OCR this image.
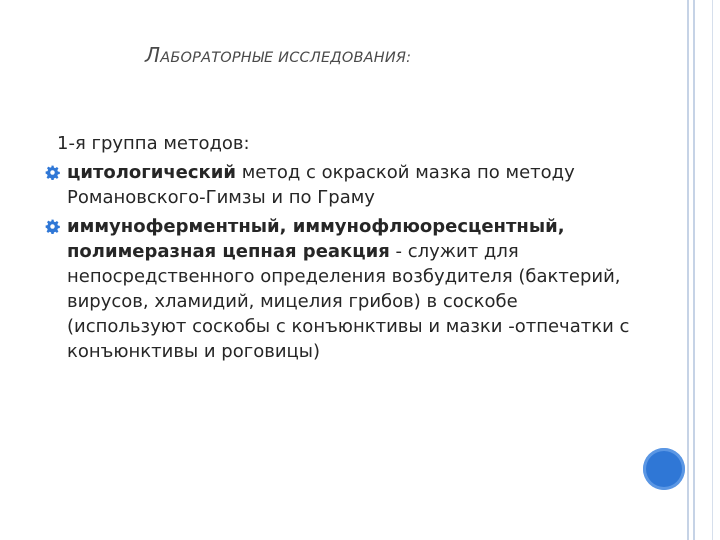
ЛАБОРАТОРНЫЕ ИССЛЕДОВАНИЯ:
1-я группа методов:
цитологический метод с окраской мазка по методу Романовского-Гимзы и по Граму
иммуноферментный, иммунофлюоресцентный, полимеразная цепная реакция - служит для непосредственного определения возбудителя (бактерий, вирусов, хламидий, мицелия грибов) в соскобе (используют соскобы с конъюнктивы и мазки -отпечатки с конъюнктивы и роговицы)
